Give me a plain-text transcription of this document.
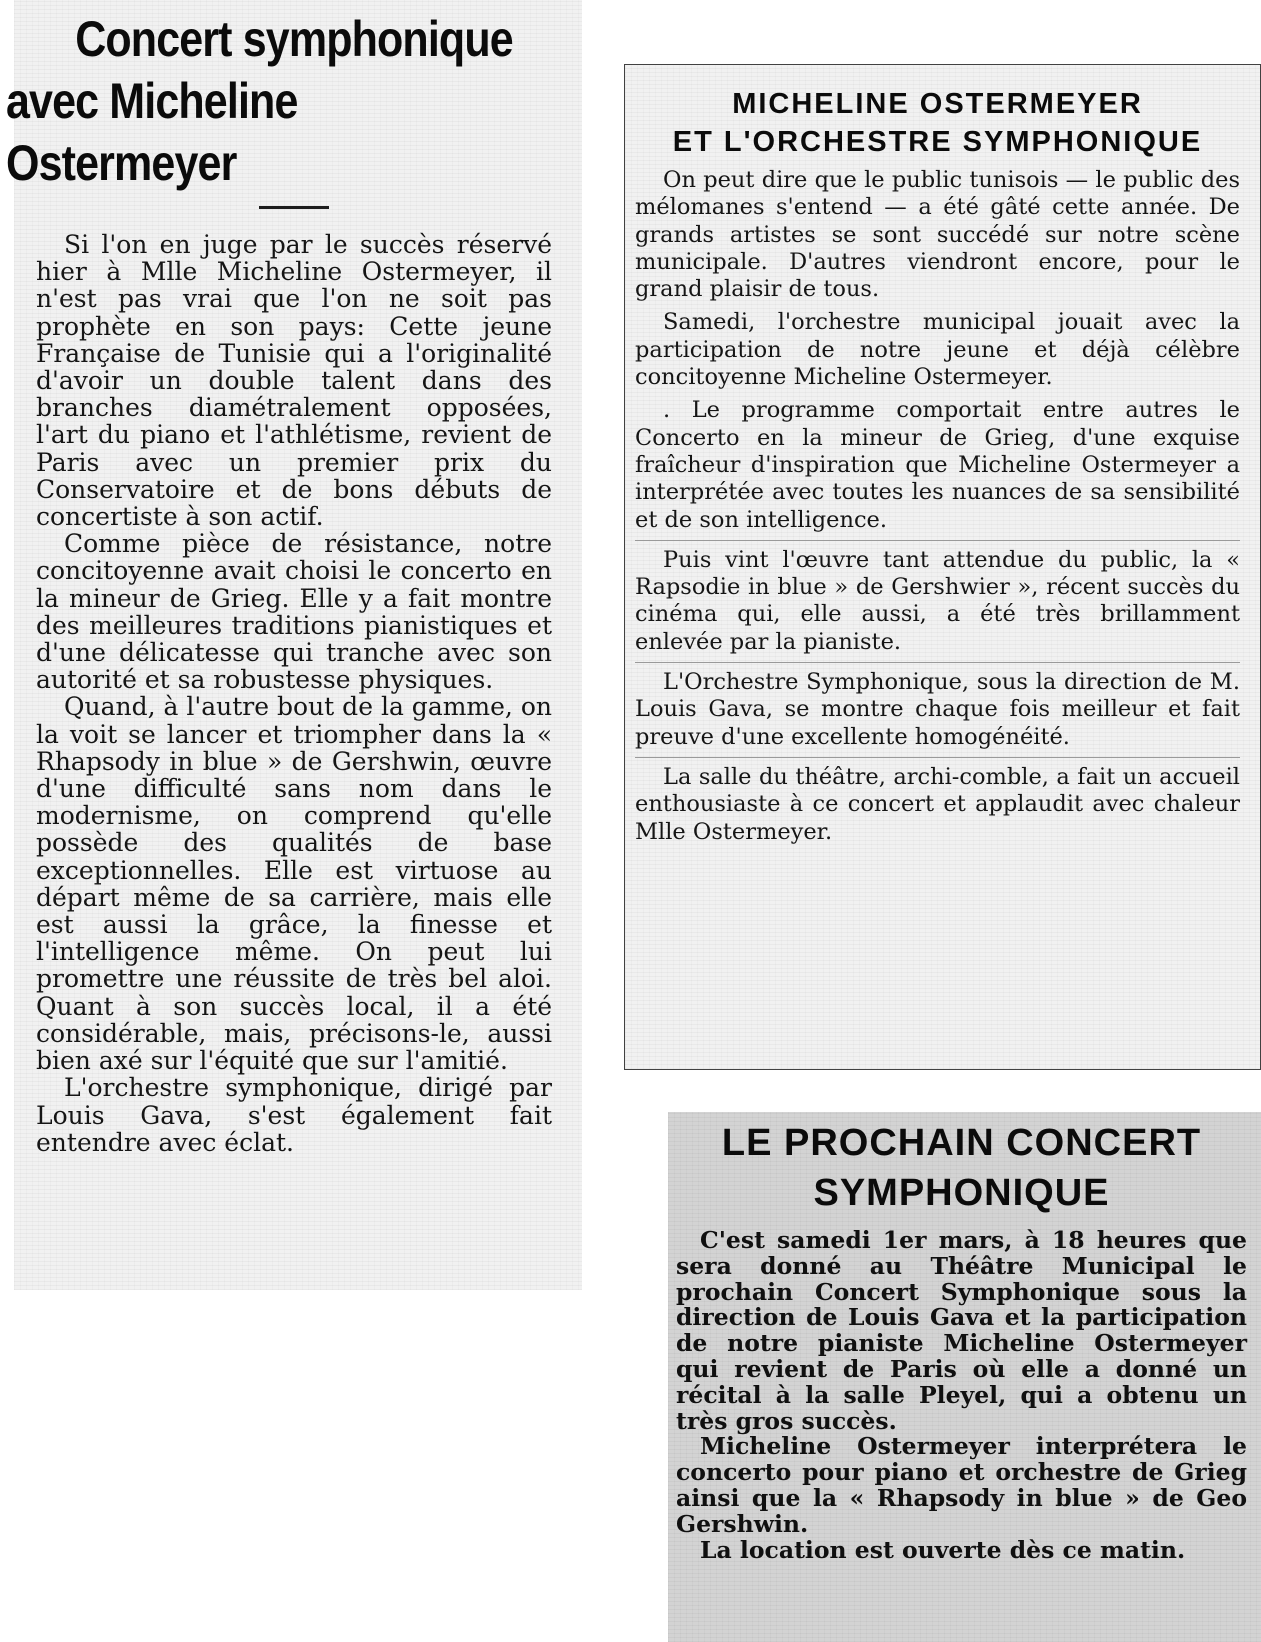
Concert symphonique
avec Micheline Ostermeyer

Si l'on en juge par le succès réservé hier à Mlle Micheline Ostermeyer, il n'est pas vrai que l'on ne soit pas prophète en son pays: Cette jeune Française de Tunisie qui a l'originalité d'avoir un double talent dans des branches diamétralement opposées, l'art du piano et l'athlétisme, revient de Paris avec un premier prix du Conservatoire et de bons débuts de concertiste à son actif.

Comme pièce de résistance, notre concitoyenne avait choisi le concerto en la mineur de Grieg. Elle y a fait montre des meilleures traditions pianistiques et d'une délicatesse qui tranche avec son autorité et sa robustesse physiques.

Quand, à l'autre bout de la gamme, on la voit se lancer et triompher dans la « Rhapsody in blue » de Gershwin, œuvre d'une difficulté sans nom dans le modernisme, on comprend qu'elle possède des qualités de base exceptionnelles. Elle est virtuose au départ même de sa carrière, mais elle est aussi la grâce, la finesse et l'intelligence même. On peut lui promettre une réussite de très bel aloi. Quant à son succès local, il a été considérable, mais, précisons-le, aussi bien axé sur l'équité que sur l'amitié.

L'orchestre symphonique, dirigé par Louis Gava, s'est également fait entendre avec éclat.

MICHELINE OSTERMEYER
ET L'ORCHESTRE SYMPHONIQUE

On peut dire que le public tunisois — le public des mélomanes s'entend — a été gâté cette année. De grands artistes se sont succédé sur notre scène municipale. D'autres viendront encore, pour le grand plaisir de tous.

Samedi, l'orchestre municipal jouait avec la participation de notre jeune et déjà célèbre concitoyenne Micheline Ostermeyer.

. Le programme comportait entre autres le Concerto en la mineur de Grieg, d'une exquise fraîcheur d'inspiration que Micheline Ostermeyer a interprétée avec toutes les nuances de sa sensibilité et de son intelligence.

Puis vint l'œuvre tant attendue du public, la « Rapsodie in blue » de Gershwier », récent succès du cinéma qui, elle aussi, a été très brillamment enlevée par la pianiste.

L'Orchestre Symphonique, sous la direction de M. Louis Gava, se montre chaque fois meilleur et fait preuve d'une excellente homogénéité.

La salle du théâtre, archi-comble, a fait un accueil enthousiaste à ce concert et applaudit avec chaleur Mlle Ostermeyer.

LE PROCHAIN CONCERT
SYMPHONIQUE

C'est samedi 1er mars, à 18 heures que sera donné au Théâtre Municipal le prochain Concert Symphonique sous la direction de Louis Gava et la participation de notre pianiste Micheline Ostermeyer qui revient de Paris où elle a donné un récital à la salle Pleyel, qui a obtenu un très gros succès.

Micheline Ostermeyer interprétera le concerto pour piano et orchestre de Grieg ainsi que la « Rhapsody in blue » de Geo Gershwin.

La location est ouverte dès ce matin.
